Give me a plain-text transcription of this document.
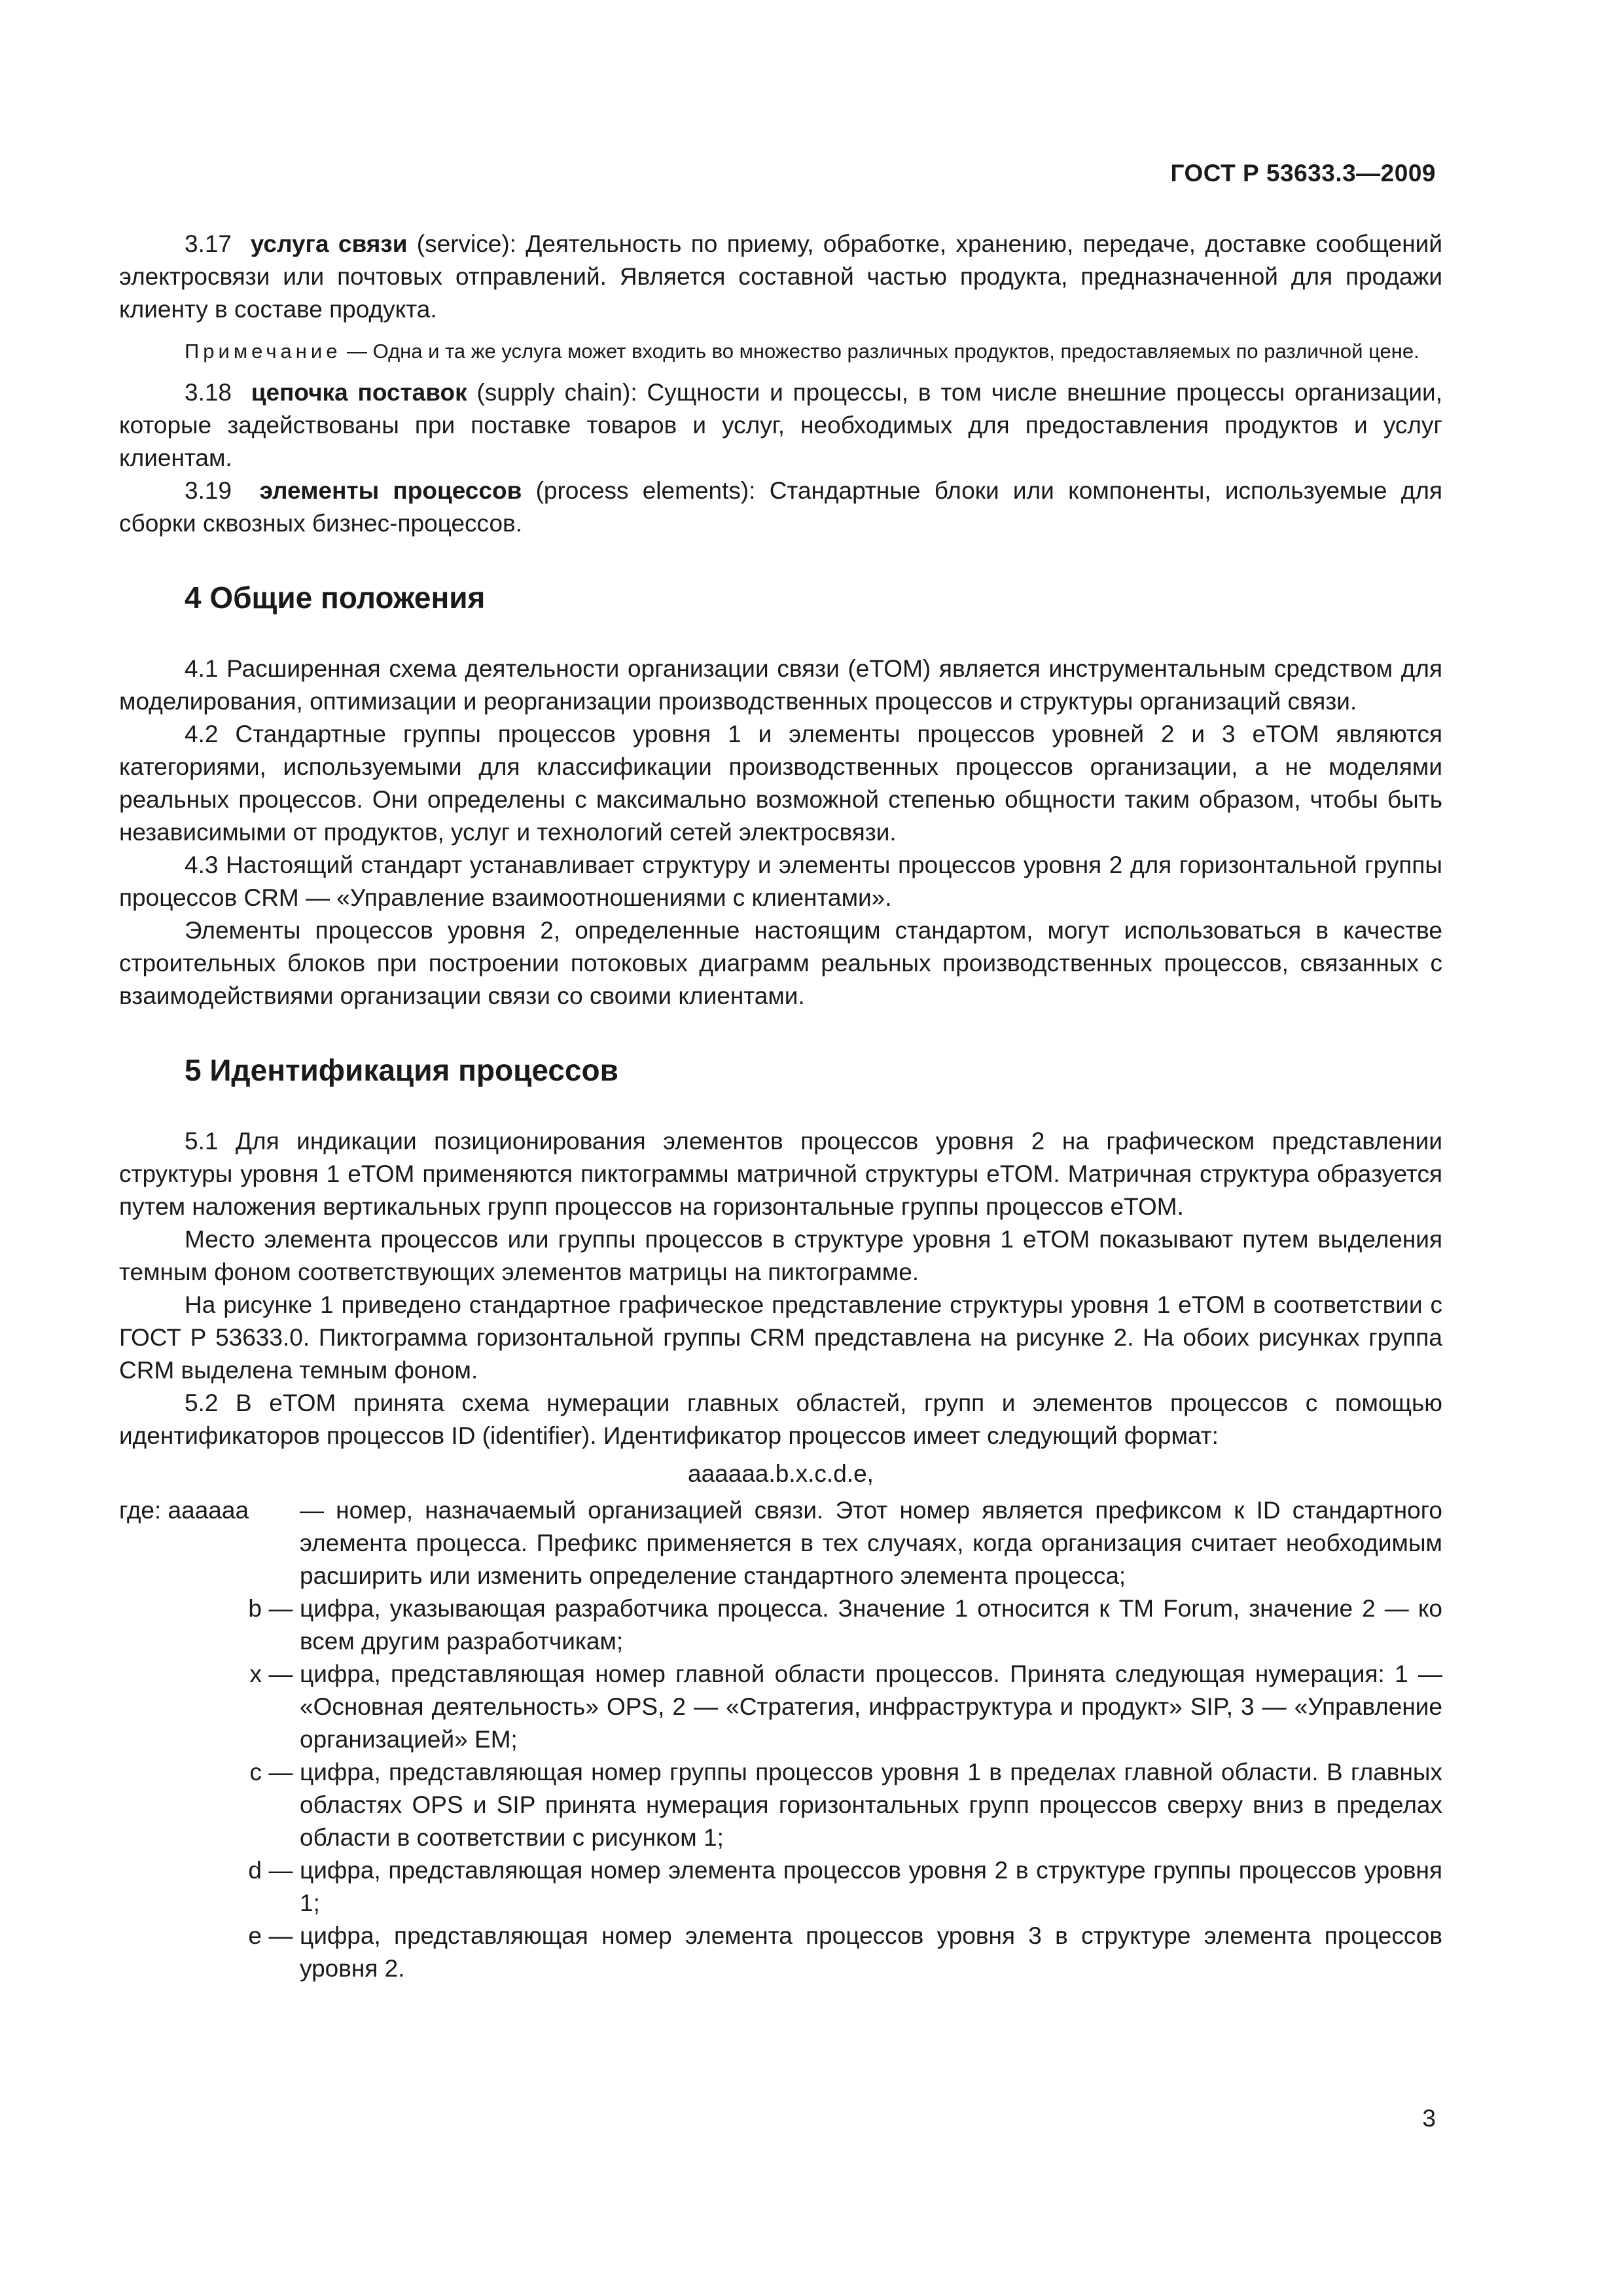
ГОСТ Р 53633.3—2009

3.17 услуга связи (service): Деятельность по приему, обработке, хранению, передаче, доставке сообщений электросвязи или почтовых отправлений. Является составной частью продукта, предназначенной для продажи клиенту в составе продукта.

Примечание — Одна и та же услуга может входить во множество различных продуктов, предоставляемых по различной цене.

3.18 цепочка поставок (supply chain): Сущности и процессы, в том числе внешние процессы организации, которые задействованы при поставке товаров и услуг, необходимых для предоставления продуктов и услуг клиентам.

3.19 элементы процессов (process elements): Стандартные блоки или компоненты, используемые для сборки сквозных бизнес-процессов.

4 Общие положения

4.1 Расширенная схема деятельности организации связи (eTOM) является инструментальным средством для моделирования, оптимизации и реорганизации производственных процессов и структуры организаций связи.

4.2 Стандартные группы процессов уровня 1 и элементы процессов уровней 2 и 3 eTOM являются категориями, используемыми для классификации производственных процессов организации, а не моделями реальных процессов. Они определены с максимально возможной степенью общности таким образом, чтобы быть независимыми от продуктов, услуг и технологий сетей электросвязи.

4.3 Настоящий стандарт устанавливает структуру и элементы процессов уровня 2 для горизонтальной группы процессов CRM — «Управление взаимоотношениями с клиентами».

Элементы процессов уровня 2, определенные настоящим стандартом, могут использоваться в качестве строительных блоков при построении потоковых диаграмм реальных производственных процессов, связанных с взаимодействиями организации связи со своими клиентами.

5 Идентификация процессов

5.1 Для индикации позиционирования элементов процессов уровня 2 на графическом представлении структуры уровня 1 eTOM применяются пиктограммы матричной структуры eTOM. Матричная структура образуется путем наложения вертикальных групп процессов на горизонтальные группы процессов eTOM.

Место элемента процессов или группы процессов в структуре уровня 1 eTOM показывают путем выделения темным фоном соответствующих элементов матрицы на пиктограмме.

На рисунке 1 приведено стандартное графическое представление структуры уровня 1 eTOM в соответствии с ГОСТ Р 53633.0. Пиктограмма горизонтальной группы CRM представлена на рисунке 2. На обоих рисунках группа CRM выделена темным фоном.

5.2 В eTOM принята схема нумерации главных областей, групп и элементов процессов с помощью идентификаторов процессов ID (identifier). Идентификатор процессов имеет следующий формат:

aaaaaa.b.x.c.d.e,

где: aaaaaa	— номер, назначаемый организацией связи. Этот номер является префиксом к ID стандартного элемента процесса. Префикс применяется в тех случаях, когда организация считает необходимым расширить или изменить определение стандартного элемента процесса;
b — цифра, указывающая разработчика процесса. Значение 1 относится к TM Forum, значение 2 — ко всем другим разработчикам;
x — цифра, представляющая номер главной области процессов. Принята следующая нумерация: 1 — «Основная деятельность» OPS, 2 — «Стратегия, инфраструктура и продукт» SIP, 3 — «Управление организацией» EM;
c — цифра, представляющая номер группы процессов уровня 1 в пределах главной области. В главных областях OPS и SIP принята нумерация горизонтальных групп процессов сверху вниз в пределах области в соответствии с рисунком 1;
d — цифра, представляющая номер элемента процессов уровня 2 в структуре группы процессов уровня 1;
e — цифра, представляющая номер элемента процессов уровня 3 в структуре элемента процессов уровня 2.
3
